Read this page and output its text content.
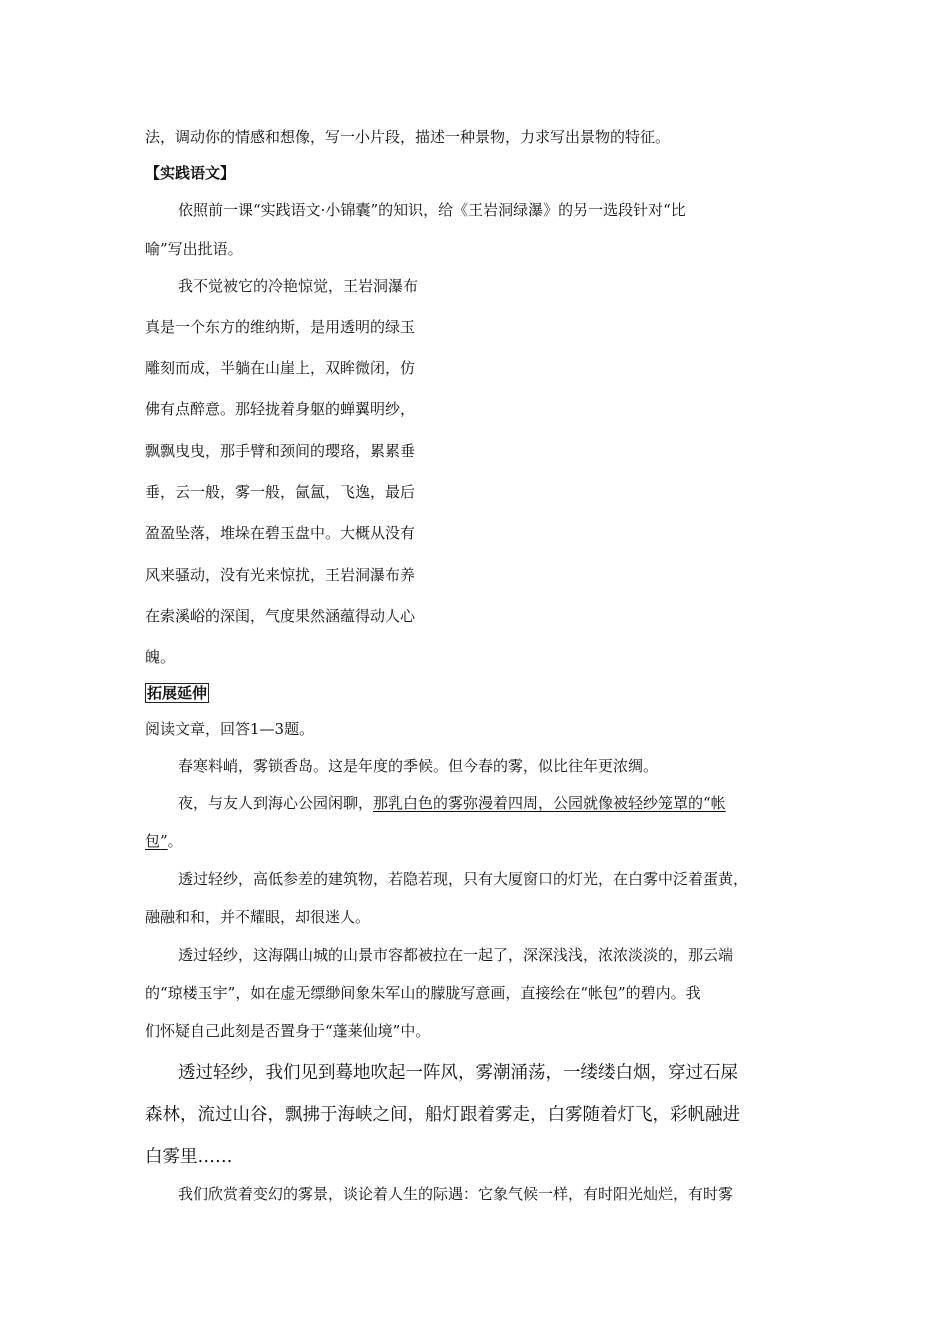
法，调动你的情感和想像，写一小片段，描述一种景物，力求写出景物的特征。
【实践语文】
依照前一课“实践语文·小锦囊”的知识，给《王岩洞绿瀑》的另一选段针对“比
喻”写出批语。
我不觉被它的冷艳惊觉，王岩洞瀑布
真是一个东方的维纳斯，是用透明的绿玉
雕刻而成，半躺在山崖上，双眸微闭，仿
佛有点醉意。那轻拢着身躯的蝉翼明纱，
飘飘曳曳，那手臂和颈间的璎珞，累累垂
垂，云一般，雾一般，氤氲，飞逸，最后
盈盈坠落，堆垛在碧玉盘中。大概从没有
风来骚动，没有光来惊扰，王岩洞瀑布养
在索溪峪的深闺，气度果然涵蕴得动人心
魄。
拓展延伸
阅读文章，回答1—3题。
春寒料峭，雾锁香岛。这是年度的季候。但今春的雾，似比往年更浓绸。
夜，与友人到海心公园闲聊，那乳白色的雾弥漫着四周，公园就像被轻纱笼罩的“帐
包”。
透过轻纱，高低参差的建筑物，若隐若现，只有大厦窗口的灯光，在白雾中泛着蛋黄，
融融和和，并不耀眼，却很迷人。
透过轻纱，这海隅山城的山景市容都被拉在一起了，深深浅浅，浓浓淡淡的，那云端
的“琼楼玉宇”，如在虚无缥缈间象朱军山的朦胧写意画，直接绘在“帐包”的碧内。我
们怀疑自己此刻是否置身于“蓬莱仙境”中。
透过轻纱，我们见到蓦地吹起一阵风，雾潮涌荡，一缕缕白烟，穿过石屎
森林，流过山谷，飘拂于海峡之间，船灯跟着雾走，白雾随着灯飞，彩帆融进
白雾里……
我们欣赏着变幻的雾景，谈论着人生的际遇：它象气候一样，有时阳光灿烂，有时雾
